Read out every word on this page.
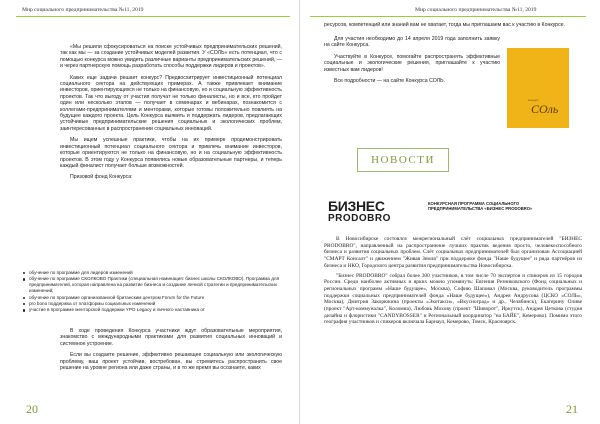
Мир социального предпринимательства №11, 2019

«Мы решили сфокусироваться на поиске устойчивых предпринимательских решений, так как мы — за создание устойчивых моделей развития. У «СОЛЬ» есть потенциал, что с помощью конкурса можно увидеть различные варианты предпринимательских решений, — и через партнерскую помощь разработать способы поддержки лидеров и проектов».

Каких еще задачи решает конкурс? Предвосхитрирует инвестиционный потенциал социального сектора на действующих примерах. А также привлекает внимание инвесторов, ориентирующихся не только на финансовую, но и социальную эффективность проектов. Так что выгоду от участия получат не только финалисты, но и все, кто пройдет один или несколько этапов — получает в семинарах и вебинарах, познакомится с коллегами-предпринимателями и менторами, которые готовы положительно повлиять на будущее каждого проекта. Цель Конкурса выявить и поддержать лидеров, предлагающих устойчивые предпринимательские решения социальных и экологических проблем, заинтересованных в распространении социальных инноваций.

Мы ищем успешные практики, чтобы на их примере продемонстрировать инвестиционный потенциал социального сектора и привлечь внимание инвесторов, которые ориентируются не только на финансовую, но и на социальную эффективность проектов. В этом году у Конкурса появились новые образовательные партнеры, и теперь каждый финалист получает больше возможностей.

Призовой фонд Конкурса:

обучение по программе для лидеров изменений
обучение по программе СКОЛКОВО Практики (специальная номинация: бизнес школы СКОЛКОВО). Программа для предпринимателей, которая направлена на развитие бизнеса и создание личной стратегии и предпринимательских изменений;
обучение по программе организованной британским центром Forum for the Future
pro bono поддержка от платформы социальных изменений
участие в программе менторской поддержки YPO Legacy и личного наставника от

В ходе проведения Конкурса участники ждут образовательные мероприятия, знакомство с международными практиками для развития социальных инноваций и системное устроение.

Если вы создаете решение, эффективно решающее социальную или экологическую проблему, ваш проект устойчив, востребован, вы стремитесь распространить свое решение на уровне региона или даже страны, и в то же время вы осознаете, каких

20
Мир социального предпринимательства №11, 2019

ресурсов, компетенций или знаний вам не хватает, тогда мы приглашаем вас к участию в Конкурсе.

Для участия необходимо до 14 апреля 2019 года заполнить заявку на сайте Конкурса.

Участвуйте в Конкурсе, помогайте распространять эффективные социальные и экологические решения, приглашайте к участию известных вам лидеров!

Все подробности — на сайте Конкурса СОЛЬ.

конкурс
СОль
НОВОСТИ
БИЗНЕС
PRODOBRO
КОНКУРСНАЯ ПРОГРАММА СОЦИАЛЬНОГО ПРЕДПРИНИМАТЕЛЬСТВА «БИЗНЕС PRODOBRO»

В Новосибирске состоялся межрегиональный слёт социальных предпринимателей "БИЗНЕС PRODOBRO", направленный на распространение лучших практик ведения просто, человекоспособного бизнеса и развития социальных проблем. Слёт социальных предпринимателей был организован Ассоциацией "СМАРТ Консалт" и движением "Живая Земля" при поддержке фонда "Наше будущее" и ряда партнёров из бизнеса и НКО, Городского центра развития предпринимательства Новосибирска.

"Бизнес PRODOBRO" собрал более 300 участников, в том числе 70 экспертов и спикеров из 15 городов России. Среди наиболее активных и ярких можно упомянуть: Евгения Резниковского (Фонд социальных и региональных программ «Наше будущее», Москва), Софию Шаповал (Москва, руководитель программы поддержки социальных предпринимателей фонда «Наше будущее»), Андрея Андрусова (ЦСКО «СОЛЬ», Москва), Дмитрия Закорюкина (проекты «Экотакси», «Вкусноград» и др., Челябинск), Екатерину Оливе (проект "Арт-коммуналка", Коломна), Любовь Мохову (проект "Шиворот", Иркутск), Андрея Цеткова (студия дизайна и флористики "CANDYBOSSER" и Региональный координатор "на БАЙЕ", Кемерово). Помимо этого география участников и спикеров включала Барнаул, Кемерово, Томск, Красноярск.

21
